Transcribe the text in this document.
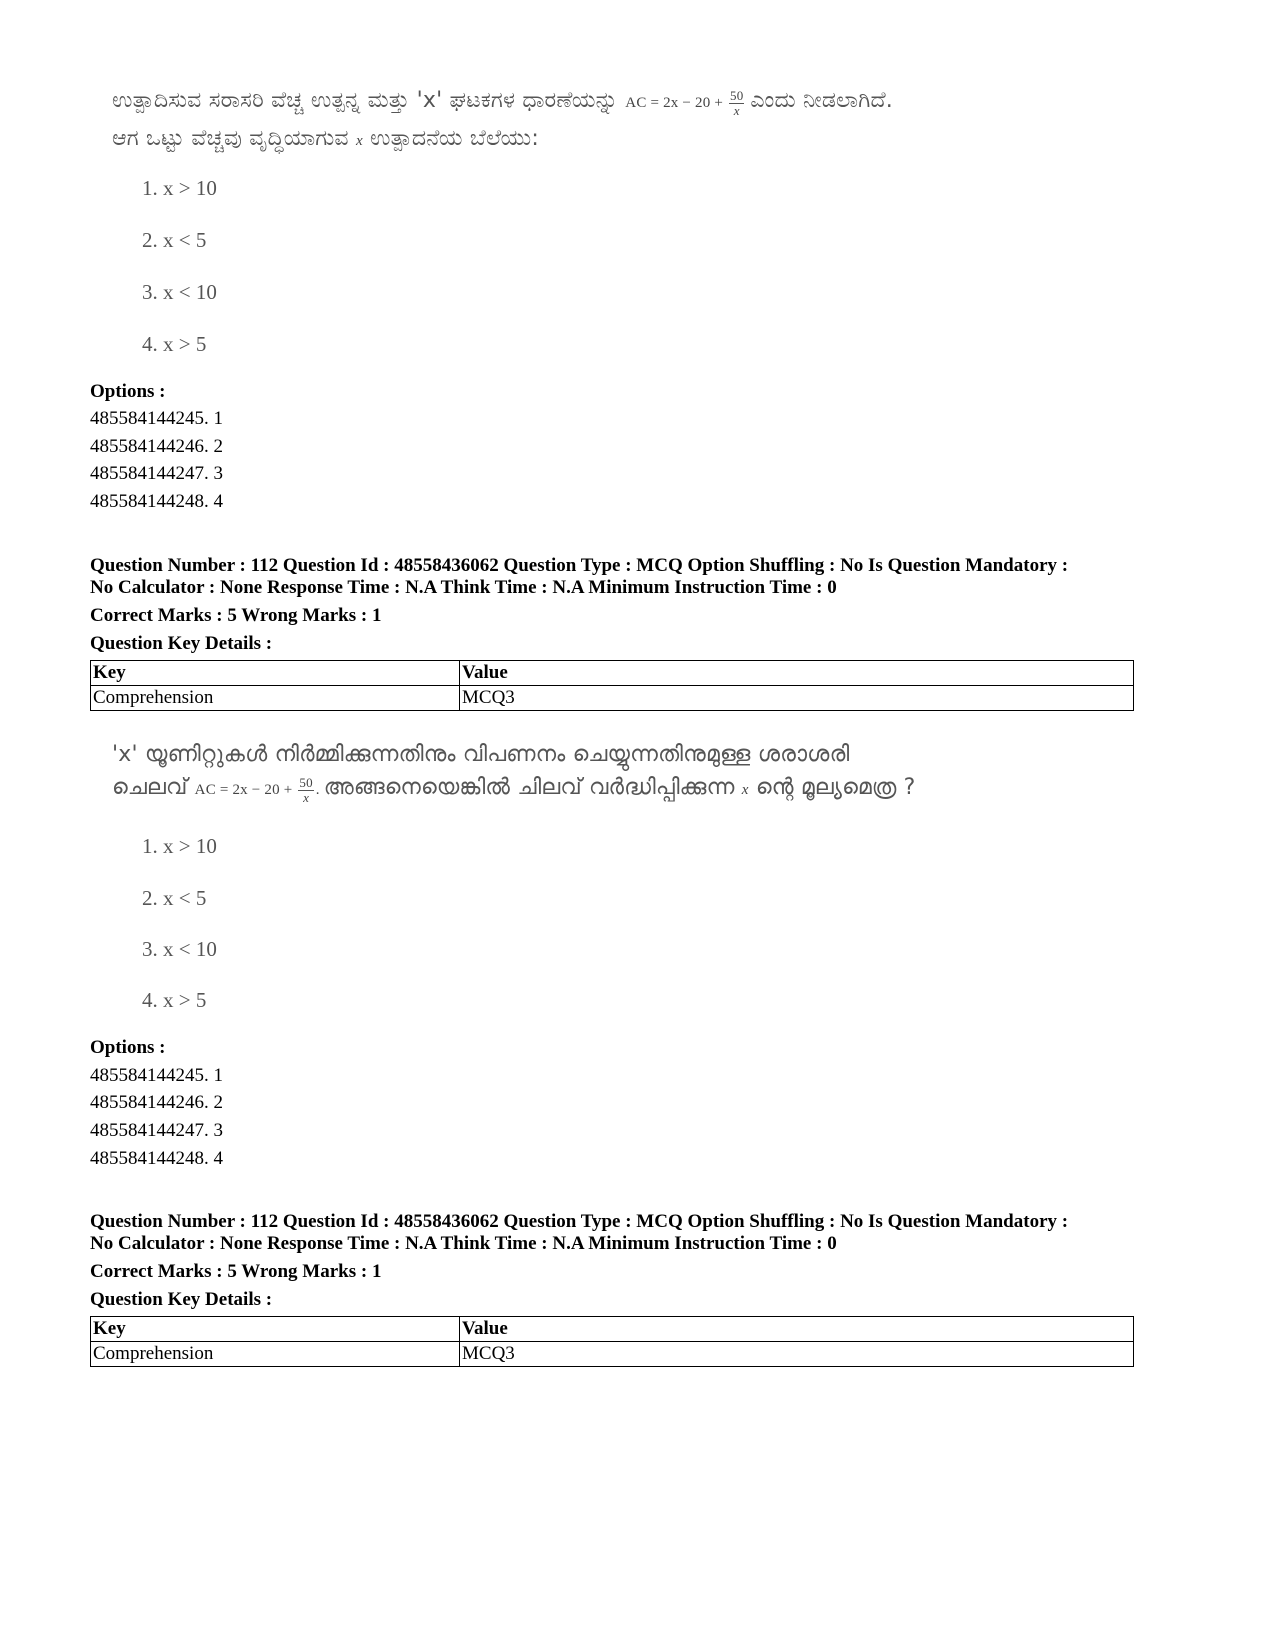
ಉತ್ಪಾದಿಸುವ ಸರಾಸರಿ ವೆಚ್ಚ ಉತ್ಪನ್ನ ಮತ್ತು 'x' ಘಟಕಗಳ ಧಾರಣೆಯನ್ನು AC = $2x - 20 + \frac{50}{x}$ ಎಂದು ನೀಡಲಾಗಿದೆ.
ಆಗ ಒಟ್ಟು ವೆಚ್ಚವು ವೃದ್ಧಿಯಾಗುವ x ಉತ್ಪಾದನೆಯ ಬೆಲೆಯು:
1. x > 10
2. x < 5
3. x < 10
4. x > 5
Options :
485584144245. 1
485584144246. 2
485584144247. 3
485584144248. 4
Question Number : 112 Question Id : 48558436062 Question Type : MCQ Option Shuffling : No Is Question Mandatory :
No Calculator : None Response Time : N.A Think Time : N.A Minimum Instruction Time : 0
Correct Marks : 5 Wrong Marks : 1
Question Key Details :
Key	Value
Comprehension	MCQ3
'x' യൂണിറ്റുകൾ നിർമ്മിക്കുന്നതിനും വിപണനം ചെയ്യുന്നതിനുമുള്ള ശരാശരി
ചെലവ് AC = $2x - 20 + \frac{50}{x}$ . അങ്ങനെയെങ്കിൽ ചിലവ് വർദ്ധിപ്പിക്കുന്ന x ന്റെ മൂല്യമെത്ര ?
1. x > 10
2. x < 5
3. x < 10
4. x > 5
Options :
485584144245. 1
485584144246. 2
485584144247. 3
485584144248. 4
Question Number : 112 Question Id : 48558436062 Question Type : MCQ Option Shuffling : No Is Question Mandatory :
No Calculator : None Response Time : N.A Think Time : N.A Minimum Instruction Time : 0
Correct Marks : 5 Wrong Marks : 1
Question Key Details :
Key	Value
Comprehension	MCQ3
